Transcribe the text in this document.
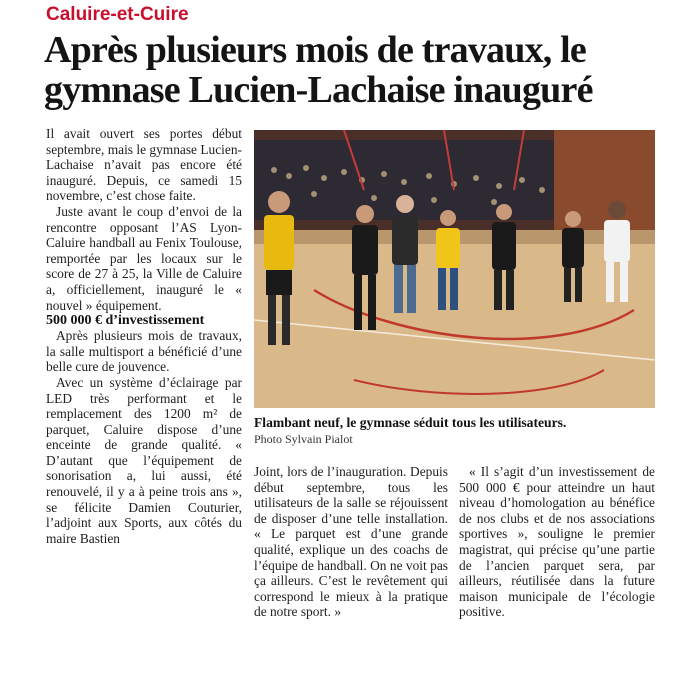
Caluire-et-Cuire
Après plusieurs mois de travaux, le gymnase Lucien-Lachaise inauguré

Il avait ouvert ses portes début septembre, mais le gymnase Lucien-Lachaise n’avait pas encore été inauguré. Depuis, ce samedi 15 novembre, c’est chose faite.

Juste avant le coup d’envoi de la rencontre opposant l’AS Lyon-Caluire handball au Fenix Toulouse, remportée par les locaux sur le score de 27 à 25, la Ville de Caluire a, officiellement, inauguré le « nouvel » équipement.

500 000 € d’investissement

Après plusieurs mois de travaux, la salle multisport a bénéficié d’une belle cure de jouvence.

Avec un système d’éclairage par LED très performant et le remplacement des 1200 m² de parquet, Caluire dispose d’une enceinte de grande qualité. « D’autant que l’équipement de sonorisation a, lui aussi, été renouvelé, il y a à peine trois ans », se félicite Damien Couturier, l’adjoint aux Sports, aux côtés du maire Bastien

Flambant neuf, le gymnase séduit tous les utilisateurs.
Photo Sylvain Pialot

Joint, lors de l’inauguration. Depuis début septembre, tous les utilisateurs de la salle se réjouissent de disposer d’une telle installation. « Le parquet est d’une grande qualité, explique un des coachs de l’équipe de handball. On ne voit pas ça ailleurs. C’est le revêtement qui correspond le mieux à la pratique de notre sport. »

« Il s’agit d’un investissement de 500 000 € pour atteindre un haut niveau d’homologation au bénéfice de nos clubs et de nos associations sportives », souligne le premier magistrat, qui précise qu’une partie de l’ancien parquet sera, par ailleurs, réutilisée dans la future maison municipale de l’écologie positive.
